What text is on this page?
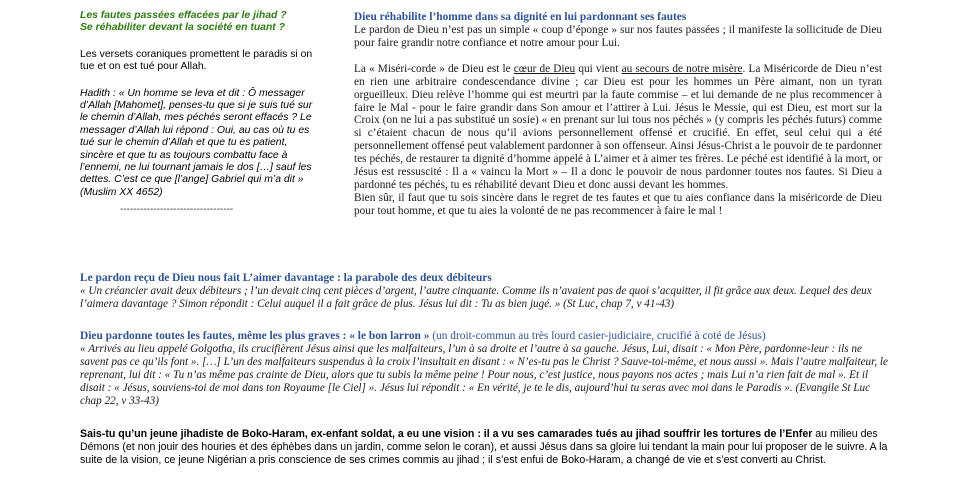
Les fautes passées effacées par le jihad ?

Se réhabiliter devant la société en tuant ?

Les versets coraniques promettent le paradis si on tue et on est tué pour Allah.

Hadith : « Un homme se leva et dit : Ô messager d’Allah [Mahomet], penses-tu que si je suis tué sur le chemin d’Allah, mes péchés seront effacés ? Le messager d’Allah lui répond : Oui, au cas où tu es tué sur le chemin d’Allah et que tu es patient, sincère et que tu as toujours combattu face à l’ennemi, ne lui tournant jamais le dos […] sauf les dettes. C’est ce que [l’ange] Gabriel qui m’a dit » (Muslim XX 4652)

----------------------------------

Dieu réhabilite l’homme dans sa dignité en lui pardonnant ses fautes

Le pardon de Dieu n’est pas un simple « coup d’éponge » sur nos fautes passées ; il manifeste la sollicitude de Dieu pour faire grandir notre confiance et notre amour pour Lui.

La « Miséri-corde » de Dieu est le cœur de Dieu qui vient au secours de notre misère. La Miséricorde de Dieu n’est en rien une arbitraire condescendance divine ; car Dieu est pour les hommes un Père aimant, non un tyran orgueilleux. Dieu relève l’homme qui est meurtri par la faute commise – et lui demande de ne plus recommencer à faire le Mal - pour le faire grandir dans Son amour et l’attirer à Lui. Jésus le Messie, qui est Dieu, est mort sur la Croix (on ne lui a pas substitué un sosie) « en prenant sur lui tous nos péchés » (y compris les péchés futurs) comme si c’étaient chacun de nous qu’il avions personnellement offensé et crucifié. En effet, seul celui qui a été personnellement offensé peut valablement pardonner à son offenseur. Ainsi Jésus-Christ a le pouvoir de te pardonner tes péchés, de restaurer ta dignité d’homme appelé à L’aimer et à aimer tes frères. Le péché est identifié à la mort, or Jésus est ressuscité : Il a « vaincu la Mort » – Il a donc le pouvoir de nous pardonner toutes nos fautes. Si Dieu a pardonné tes péchés, tu es réhabilité devant Dieu et donc aussi devant les hommes.

Bien sûr, il faut que tu sois sincère dans le regret de tes fautes et que tu aies confiance dans la miséricorde de Dieu pour tout homme, et que tu aies la volonté de ne pas recommencer à faire le mal !

Le pardon reçu de Dieu nous fait L’aimer davantage : la parabole des deux débiteurs

« Un créancier avait deux débiteurs ; l’un devait cinq cent pièces d’argent, l’autre cinquante. Comme ils n’avaient pas de quoi s’acquitter, il fit grâce aux deux. Lequel des deux l’aimera davantage ? Simon répondit : Celui auquel il a fait grâce de plus. Jésus lui dit : Tu as bien jugé. » (St Luc, chap 7, v 41-43)

Dieu pardonne toutes les fautes, même les plus graves : « le bon larron » (un droit-commun au très lourd casier-judiciaire, crucifié à coté de Jésus)

« Arrivés au lieu appelé Golgotha, ils crucifièrent Jésus ainsi que les malfaiteurs, l’un à sa droite et l’autre à sa gauche. Jésus, Lui, disait : « Mon Père, pardonne-leur : ils ne savent pas ce qu’ils font ». […] L’un des malfaiteurs suspendus à la croix l’insultait en disant : « N’es-tu pas le Christ ? Sauve-toi-même, et nous aussi ». Mais l’autre malfaiteur, le reprenant, lui dit : « Tu n’as même pas crainte de Dieu, alors que tu subis la même peine ! Pour nous, c’est justice, nous payons nos actes ; mais Lui n’a rien fait de mal ». Et il disait : « Jésus, souviens-toi de moi dans ton Royaume [le Ciel] ». Jésus lui répondit : « En vérité, je te le dis, aujourd’hui tu seras avec moi dans le Paradis ». (Evangile St Luc chap 22, v 33-43)

Sais-tu qu’un jeune jihadiste de Boko-Haram, ex-enfant soldat, a eu une vision : il a vu ses camarades tués au jihad souffrir les tortures de l’Enfer au milieu des Démons (et non jouir des houries et des éphèbes dans un jardin, comme selon le coran), et aussi Jésus dans sa gloire lui tendant la main pour lui proposer de le suivre. A la suite de la vision, ce jeune Nigérian a pris conscience de ses crimes commis au jihad ; il s’est enfui de Boko-Haram, a changé de vie et s’est converti au Christ.
